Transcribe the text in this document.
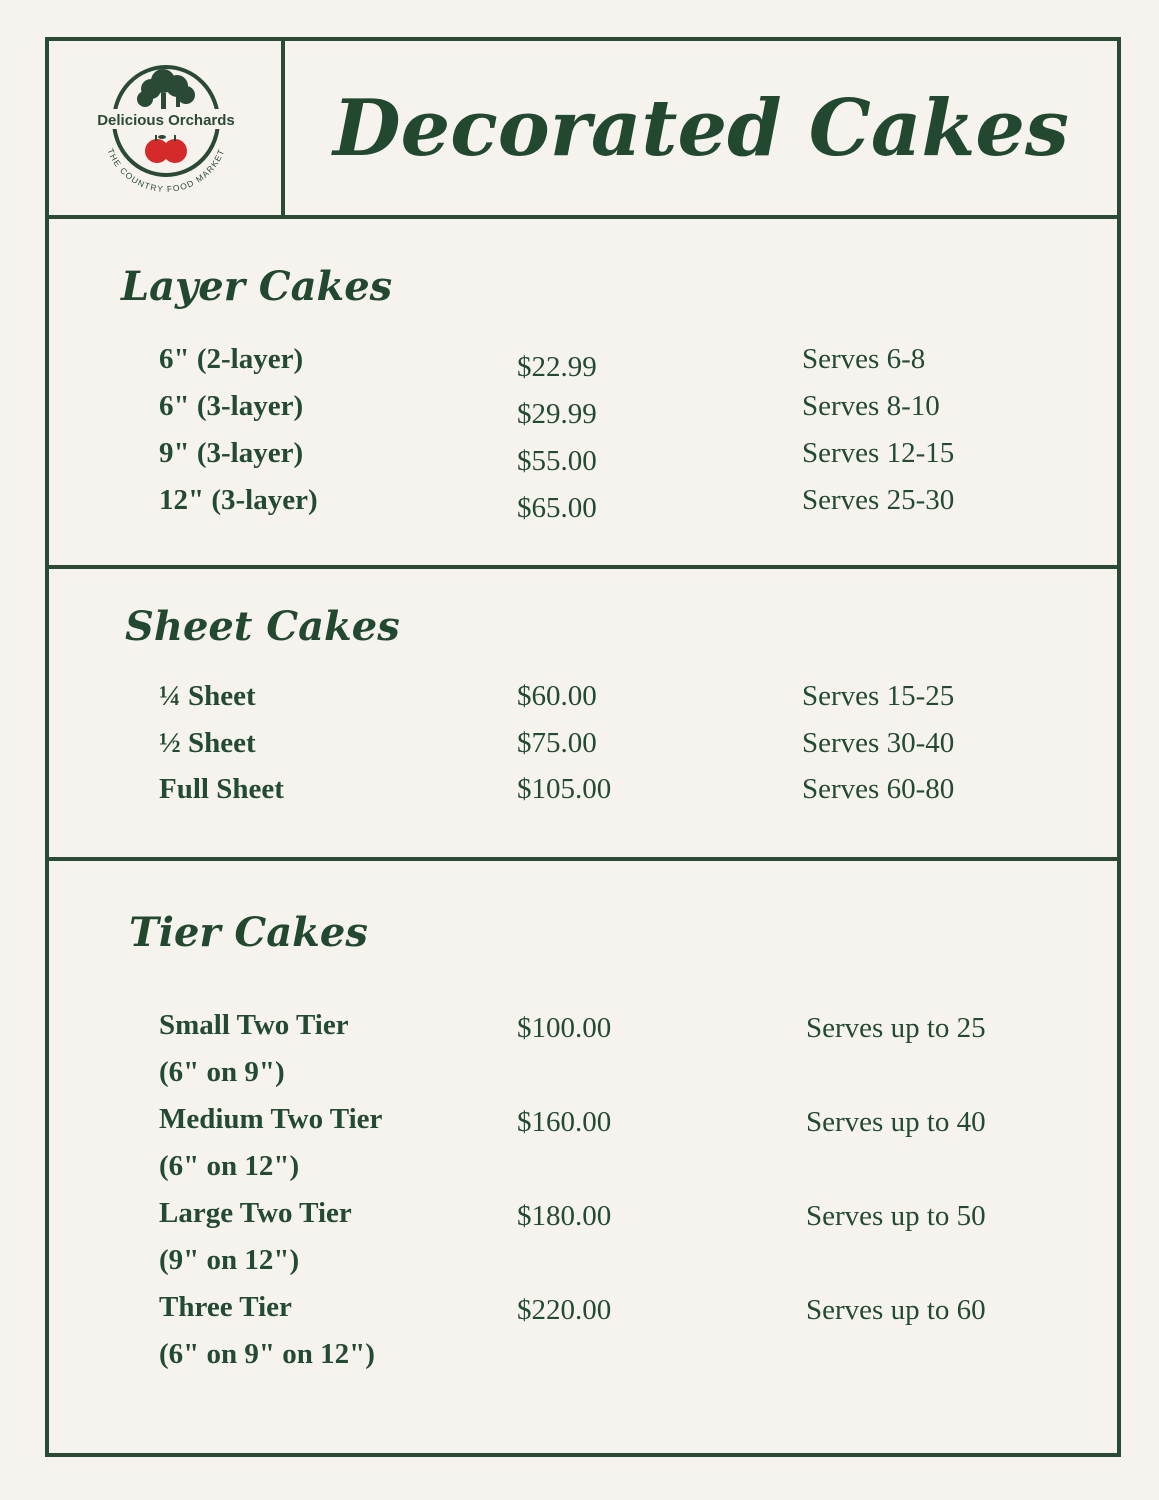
Delicious Orchards
THE COUNTRY FOOD MARKET	Decorated Cakes
Layer Cakes
6" (2-layer)	$22.99	Serves 6-8
6" (3-layer)	$29.99	Serves 8-10
9" (3-layer)	$55.00	Serves 12-15
12" (3-layer)	$65.00	Serves 25-30
Sheet Cakes
¼ Sheet	$60.00	Serves 15-25
½ Sheet	$75.00	Serves 30-40
Full Sheet	$105.00	Serves 60-80
Tier Cakes
Small Two Tier
(6" on 9")
$100.00	Serves up to 25
Medium Two Tier
(6" on 12")
$160.00	Serves up to 40
Large Two Tier
(9" on 12")
$180.00	Serves up to 50
Three Tier
(6" on 9" on 12")
$220.00	Serves up to 60
